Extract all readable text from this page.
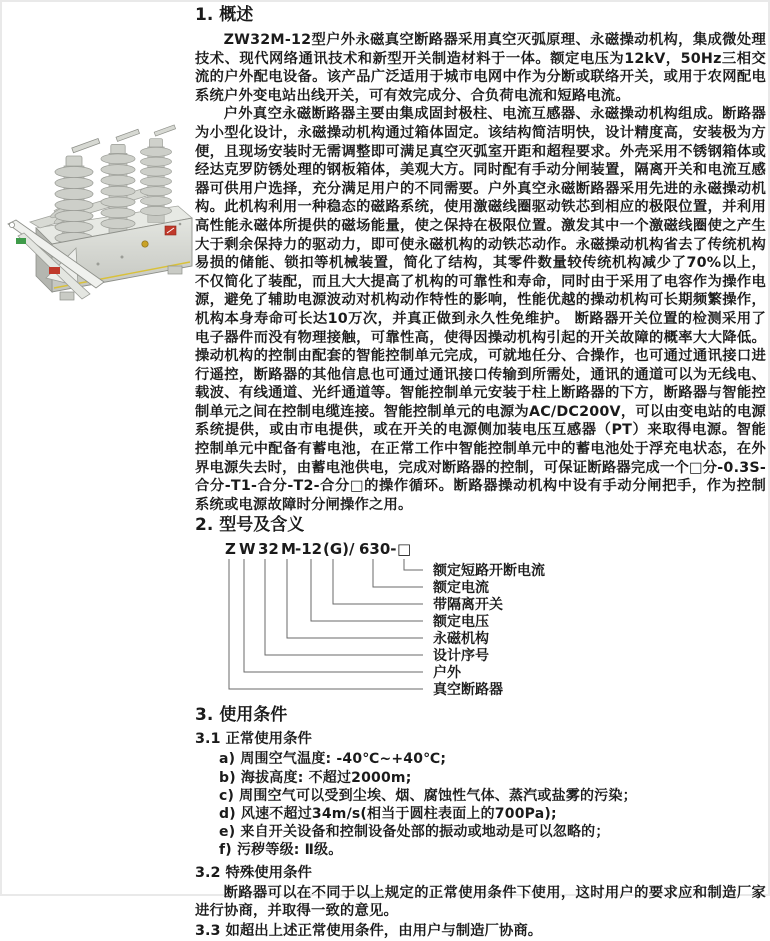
1. 概述

ZW32M-12型户外永磁真空断路器采用真空灭弧原理、永磁操动机构，集成微处理技术、现代网络通讯技术和新型开关制造材料于一体。额定电压为12kV，50Hz三相交流的户外配电设备。该产品广泛适用于城市电网中作为分断或联络开关，或用于农网配电系统户外变电站出线开关，可有效完成分、合负荷电流和短路电流。

户外真空永磁断路器主要由集成固封极柱、电流互感器、永磁操动机构组成。断路器为小型化设计，永磁操动机构通过箱体固定。该结构简洁明快，设计精度高，安装极为方便，且现场安装时无需调整即可满足真空灭弧室开距和超程要求。外壳采用不锈钢箱体或经达克罗防锈处理的钢板箱体，美观大方。同时配有手动分闸装置，隔离开关和电流互感器可供用户选择，充分满足用户的不同需要。户外真空永磁断路器采用先进的永磁操动机构。此机构利用一种稳态的磁路系统，使用激磁线圈驱动铁芯到相应的极限位置，并利用高性能永磁体所提供的磁场能量，使之保持在极限位置。激发其中一个激磁线圈使之产生大于剩余保持力的驱动力，即可使永磁机构的动铁芯动作。永磁操动机构省去了传统机构易损的储能、锁扣等机械装置，简化了结构，其零件数量较传统机构减少了70%以上，不仅简化了装配，而且大大提高了机构的可靠性和寿命，同时由于采用了电容作为操作电源，避免了辅助电源波动对机构动作特性的影响，性能优越的操动机构可长期频繁操作，机构本身寿命可长达10万次，并真正做到永久性免维护。 断路器开关位置的检测采用了电子器件而没有物理接触，可靠性高，使得因操动机构引起的开关故障的概率大大降低。操动机构的控制由配套的智能控制单元完成，可就地任分、合操作，也可通过通讯接口进行遥控，断路器的其他信息也可通过通讯接口传输到所需处，通讯的通道可以为无线电、载波、有线通道、光纤通道等。智能控制单元安装于柱上断路器的下方，断路器与智能控制单元之间在控制电缆连接。智能控制单元的电源为AC/DC200V，可以由变电站的电源系统提供，或由市电提供，或在开关的电源侧加装电压互感器（PT）来取得电源。智能控制单元中配备有蓄电池，在正常工作中智能控制单元中的蓄电池处于浮充电状态，在外界电源失去时，由蓄电池供电，完成对断路器的控制，可保证断路器完成一个□分-0.3S-合分-T1-合分-T2-合分□的操作循环。断路器操动机构中设有手动分闸把手，作为控制系统或电源故障时分闸操作之用。

2. 型号及含义
Z W 32 M -12 (G)/ 630- □
额定短路开断电流
额定电流
带隔离开关
额定电压
永磁机构
设计序号
户外
真空断路器
3. 使用条件
3.1 正常使用条件
a) 周围空气温度: -40℃~+40℃;
b) 海拔高度: 不超过2000m;
c) 周围空气可以受到尘埃、烟、腐蚀性气体、蒸汽或盐雾的污染；
d) 风速不超过34m/s(相当于圆柱表面上的700Pa);
e) 来自开关设备和控制设备处部的振动或地动是可以忽略的；
f) 污秽等级: Ⅱ级。
3.2 特殊使用条件

断路器可以在不同于以上规定的正常使用条件下使用，这时用户的要求应和制造厂家进行协商，并取得一致的意见。

3.3 如超出上述正常使用条件，由用户与制造厂协商。
